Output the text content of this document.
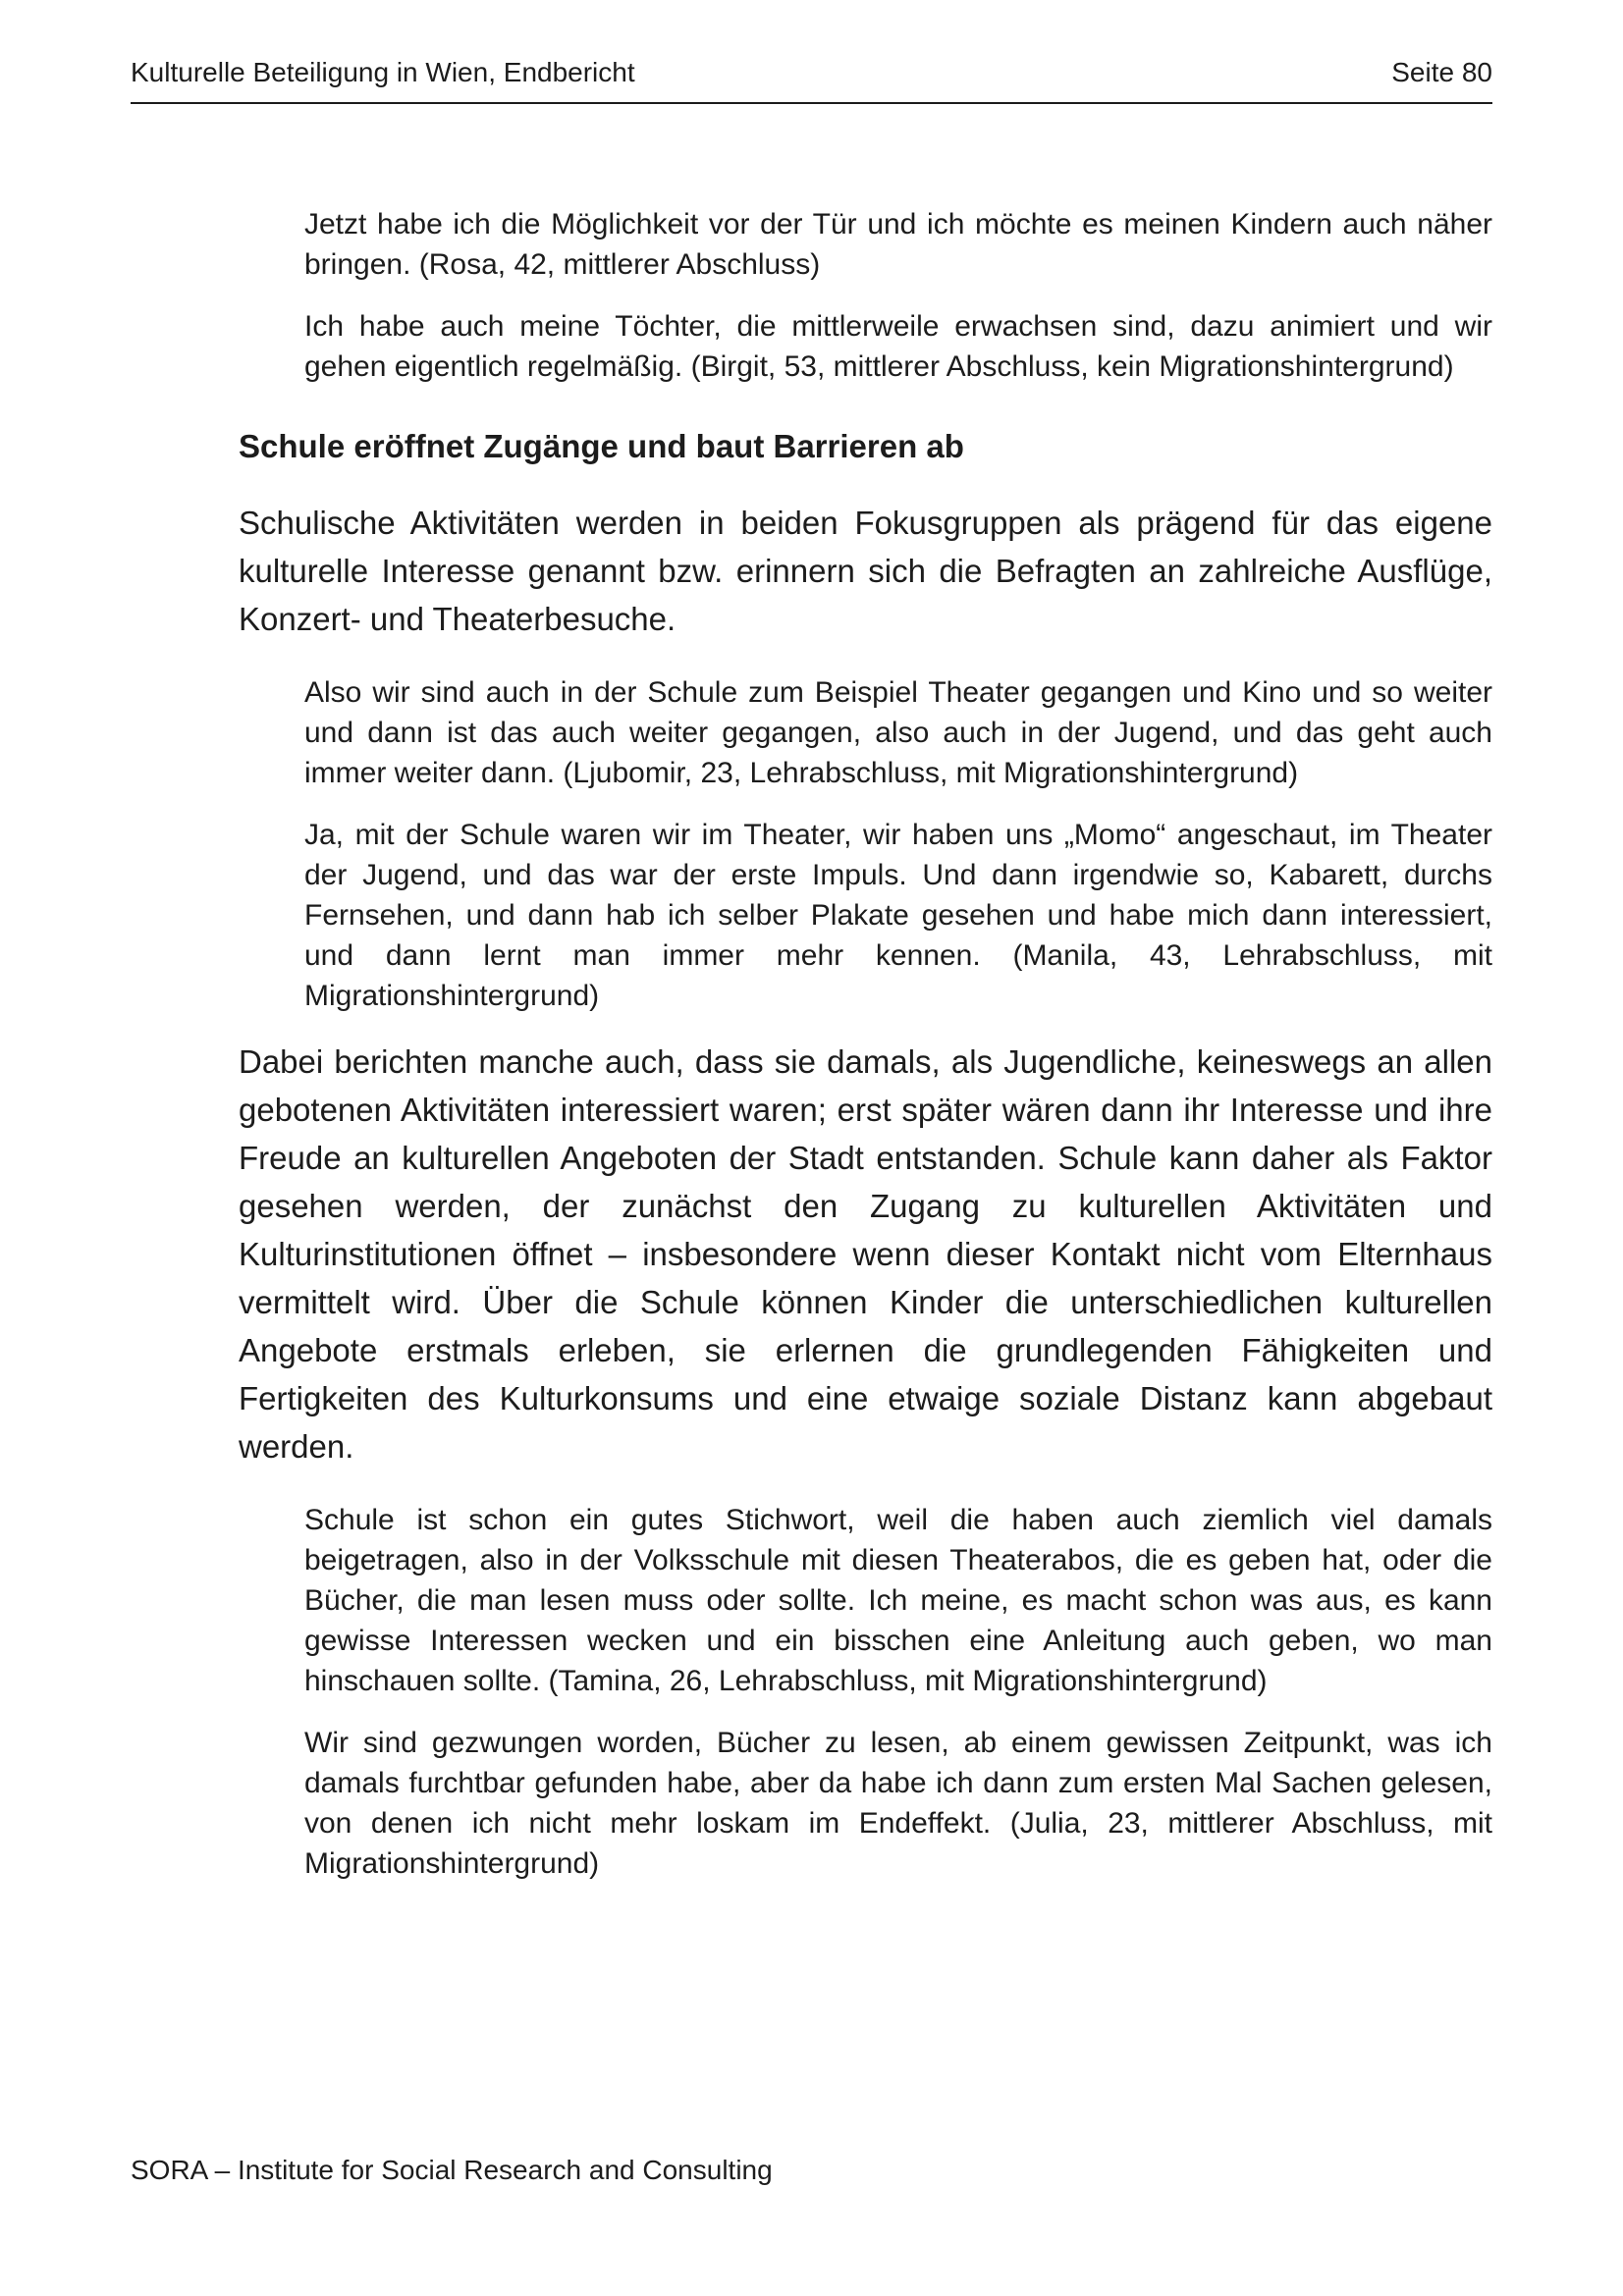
Kulturelle Beteiligung in Wien, Endbericht	Seite 80

Jetzt habe ich die Möglichkeit vor der Tür und ich möchte es meinen Kindern auch näher bringen. (Rosa, 42, mittlerer Abschluss)

Ich habe auch meine Töchter, die mittlerweile erwachsen sind, dazu animiert und wir gehen eigentlich regelmäßig. (Birgit, 53, mittlerer Abschluss, kein Migrationshintergrund)

Schule eröffnet Zugänge und baut Barrieren ab

Schulische Aktivitäten werden in beiden Fokusgruppen als prägend für das eigene kulturelle Interesse genannt bzw. erinnern sich die Befragten an zahlreiche Ausflüge, Konzert- und Theaterbesuche.

Also wir sind auch in der Schule zum Beispiel Theater gegangen und Kino und so weiter und dann ist das auch weiter gegangen, also auch in der Jugend, und das geht auch immer weiter dann. (Ljubomir, 23, Lehrabschluss, mit Migrationshintergrund)

Ja, mit der Schule waren wir im Theater, wir haben uns „Momo“ angeschaut, im Theater der Jugend, und das war der erste Impuls. Und dann irgendwie so, Kabarett, durchs Fernsehen, und dann hab ich selber Plakate gesehen und habe mich dann interessiert, und dann lernt man immer mehr kennen. (Manila, 43, Lehrabschluss, mit Migrationshintergrund)

Dabei berichten manche auch, dass sie damals, als Jugendliche, keineswegs an allen gebotenen Aktivitäten interessiert waren; erst später wären dann ihr Interesse und ihre Freude an kulturellen Angeboten der Stadt entstanden. Schule kann daher als Faktor gesehen werden, der zunächst den Zugang zu kulturellen Aktivitäten und Kulturinstitutionen öffnet – insbesondere wenn dieser Kontakt nicht vom Elternhaus vermittelt wird. Über die Schule können Kinder die unterschiedlichen kulturellen Angebote erstmals erleben, sie erlernen die grundlegenden Fähigkeiten und Fertigkeiten des Kulturkonsums und eine etwaige soziale Distanz kann abgebaut werden.

Schule ist schon ein gutes Stichwort, weil die haben auch ziemlich viel damals beigetragen, also in der Volksschule mit diesen Theaterabos, die es geben hat, oder die Bücher, die man lesen muss oder sollte. Ich meine, es macht schon was aus, es kann gewisse Interessen wecken und ein bisschen eine Anleitung auch geben, wo man hinschauen sollte. (Tamina, 26, Lehrabschluss, mit Migrationshintergrund)

Wir sind gezwungen worden, Bücher zu lesen, ab einem gewissen Zeitpunkt, was ich damals furchtbar gefunden habe, aber da habe ich dann zum ersten Mal Sachen gelesen, von denen ich nicht mehr loskam im Endeffekt. (Julia, 23, mittlerer Abschluss, mit Migrationshintergrund)

SORA – Institute for Social Research and Consulting
